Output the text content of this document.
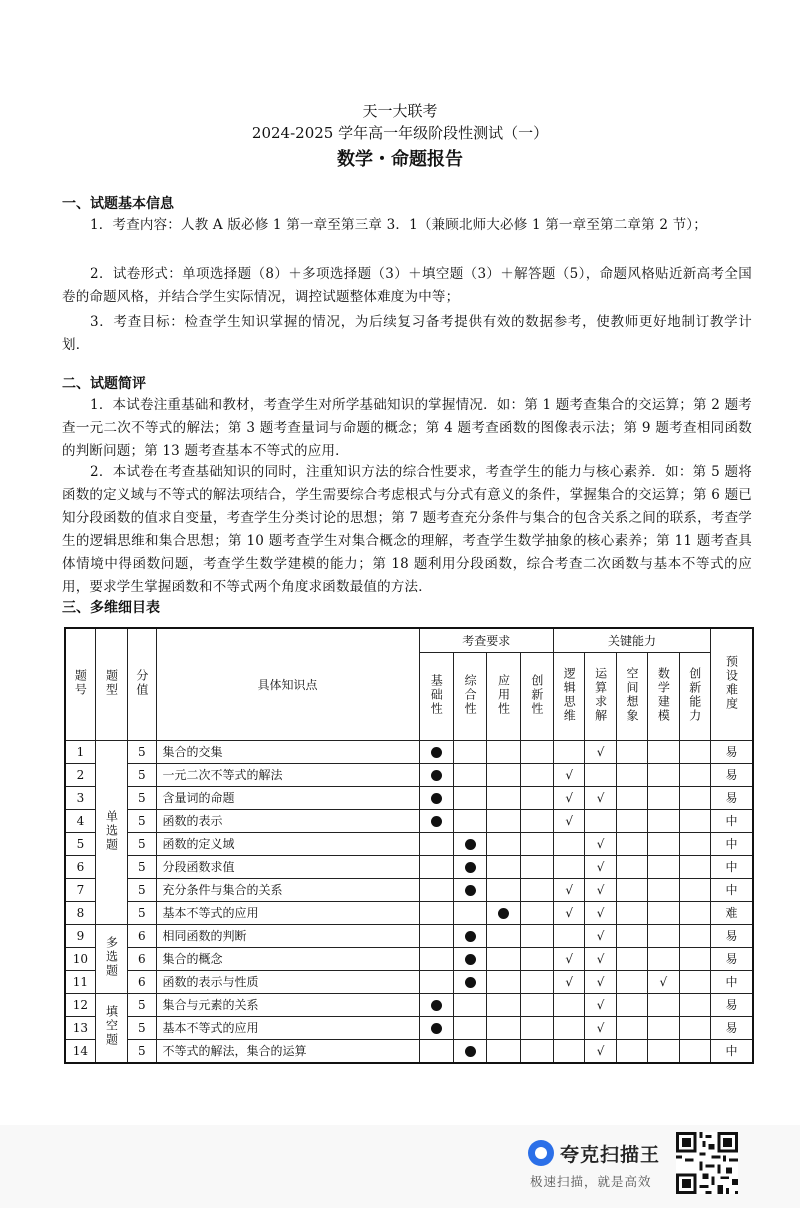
天一大联考
2024-2025 学年高一年级阶段性测试（一）
数学・命题报告
一、试题基本信息
1．考查内容：人教 A 版必修 1 第一章至第三章 3．1（兼顾北师大必修 1 第一章至第二章第 2 节）；
2．试卷形式：单项选择题（8）＋多项选择题（3）＋填空题（3）＋解答题（5），命题风格贴近新高考全国卷的命题风格，并结合学生实际情况，调控试题整体难度为中等；
3．考查目标：检查学生知识掌握的情况，为后续复习备考提供有效的数据参考，使教师更好地制订教学计划．
二、试题简评
1．本试卷注重基础和教材，考查学生对所学基础知识的掌握情况．如：第 1 题考查集合的交运算；第 2 题考查一元二次不等式的解法；第 3 题考查量词与命题的概念；第 4 题考查函数的图像表示法；第 9 题考查相同函数的判断问题；第 13 题考查基本不等式的应用．
2．本试卷在考查基础知识的同时，注重知识方法的综合性要求，考查学生的能力与核心素养．如：第 5 题将函数的定义域与不等式的解法项结合，学生需要综合考虑根式与分式有意义的条件，掌握集合的交运算；第 6 题已知分段函数的值求自变量，考查学生分类讨论的思想；第 7 题考查充分条件与集合的包含关系之间的联系，考查学生的逻辑思维和集合思想；第 10 题考查学生对集合概念的理解，考查学生数学抽象的核心素养；第 11 题考查具体情境中得函数问题，考查学生数学建模的能力；第 18 题利用分段函数，综合考查二次函数与基本不等式的应用，要求学生掌握函数和不等式两个角度求函数最值的方法．
三、多维细目表
题号	题型	分值	具体知识点	考查要求				关键能力					预设难度
				基础性	综合性	应用性	创新性	逻辑思维	运算求解	空间想象	数学建模	创新能力	
1	单选题	5	集合的交集						√				易
2		5	一元二次不等式的解法					√					易
3		5	含量词的命题					√	√				易
4		5	函数的表示					√					中
5		5	函数的定义域						√				中
6		5	分段函数求值						√				中
7		5	充分条件与集合的关系					√	√				中
8		5	基本不等式的应用					√	√				难
9	多选题	6	相同函数的判断						√				易
10		6	集合的概念					√	√				易
11		6	函数的表示与性质					√	√		√		中
12	填空题	5	集合与元素的关系						√				易
13		5	基本不等式的应用						√				易
14		5	不等式的解法，集合的运算						√				中
夸克扫描王
极速扫描，就是高效
